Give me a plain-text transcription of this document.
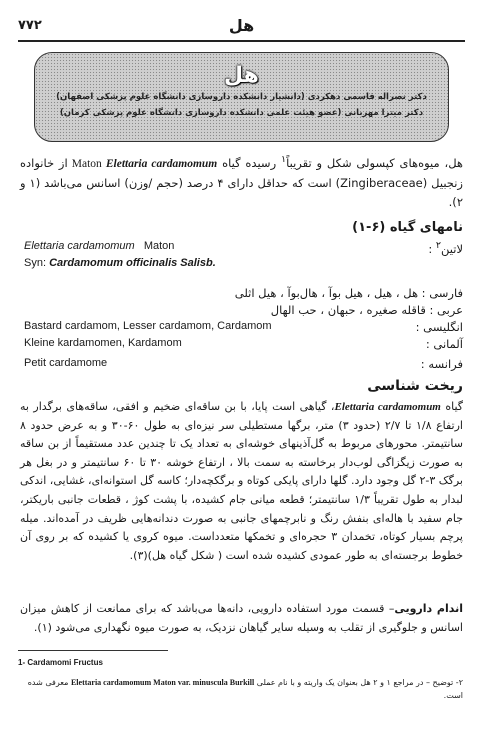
۷۷۲	هل
هل
دکتر نصراله قاسمی دهکردی (دانشیار دانشکده داروسازی دانشگاه علوم پزشکی اصفهان)
دکتر میترا مهربانی (عضو هیئت علمی دانشکده داروسازی دانشگاه علوم پزشکی کرمان)
هل، میوه‌های کپسولی شکل و تقریباً$^۱$ رسیده گیاه Elettaria cardamomum Maton از خانواده زنجبیل (Zingiberaceae) است که حداقل دارای ۴ درصد (حجم /وزن) اسانس می‌باشد (۱ و ۲).
نامهای گیاه (۶-۱)
Elettaria cardamomum Maton	لاتین$^۲$ :
Syn: Cardamomum officinalis Salisb.
فارسی : هل ، هیل ، هیل بوآ ، هال‌بوآ ، هیل اثلی
عربی : قاقله صغیره ، حبهان ، حب الهال
Bastard cardamom, Lesser cardamom, Cardamom	انگلیسی :
Kleine kardamomen, Kardamom	آلمانی :
Petit cardamome	فرانسه :
ریخت شناسی
گیاه Elettaria cardamomum، گیاهی است پایا، با بن ساقه‌ای ضخیم و افقی، ساقه‌های برگدار به ارتفاع ۱/۸ تا ۲/۷ (حدود ۳) متر، برگها مستطیلی سر نیزه‌ای به طول ۶۰-۳۰ و به عرض حدود ۸ سانتیمتر. محورهای مربوط به گل‌آذینهای خوشه‌ای به تعداد یک تا چندین عدد مستقیماً از بن ساقه به صورت زیگزاگی لوب‌دار برخاسته به سمت بالا ، ارتفاع خوشه ۳۰ تا ۶۰ سانتیمتر و در بغل هر برگک ۳-۲ گل وجود دارد. گلها دارای پایکی کوتاه و برگکچه‌دار؛ کاسه گل استوانه‌ای، غشایی، اندکی لبدار به طول تقریباً ۱/۳ سانتیمتر؛ قطعه میانی جام کشیده، با پشت کوژ ، قطعات جانبی باریکتر، جام سفید با هاله‌ای بنفش رنگ و نابرچمهای جانبی به صورت دندانه‌هایی ظریف در آمده‌اند. میله پرچم بسیار کوتاه، تخمدان ۳ حجره‌ای و تخمکها متعدداست. میوه کروی یا کشیده که بر روی آن خطوط برجسته‌ای به طور عمودی کشیده شده است ( شکل گیاه هل)(۳).
اندام دارویی– قسمت مورد استفاده دارویی، دانه‌ها می‌باشد که برای ممانعت از کاهش میزان اسانس و جلوگیری از تقلب به وسیله سایر گیاهان نزدیک، به صورت میوه نگهداری می‌شود (۱).
1- Cardamomi Fructus
۲- توضیح – در مراجع ۱ و ۲ هل بعنوان یک واریته و با نام عملی Elettaria cardamomum Maton var. minuscula Burkill معرفی شده است.
